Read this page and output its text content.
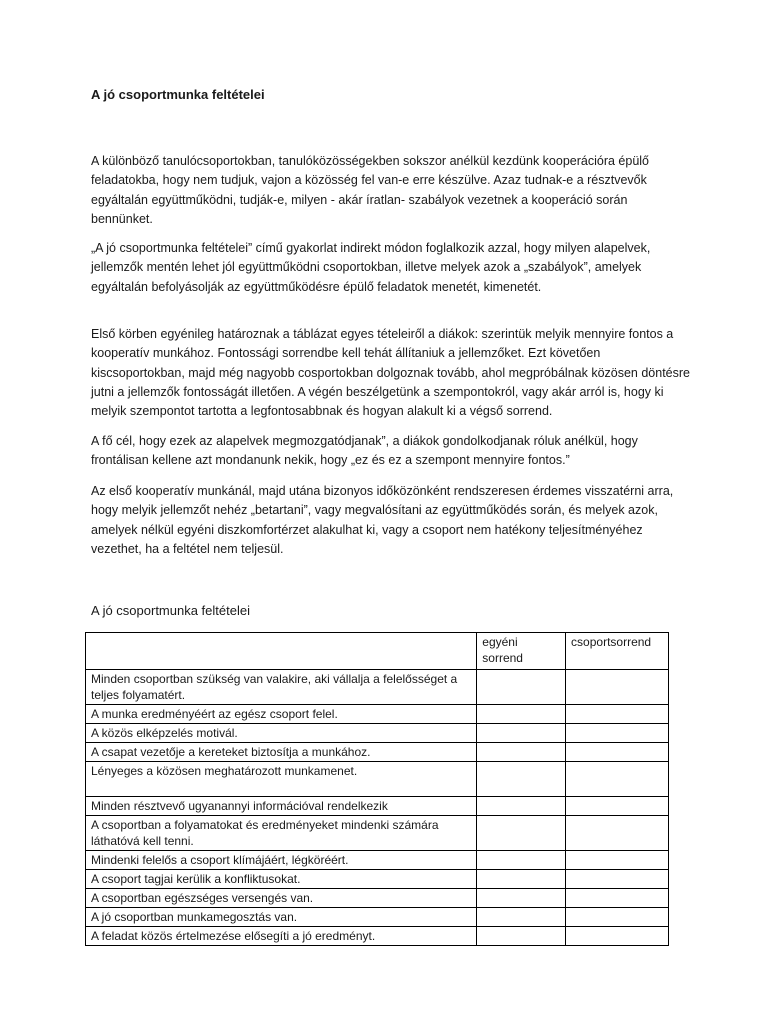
A jó csoportmunka feltételei

A különböző tanulócsoportokban, tanulóközösségekben sokszor anélkül kezdünk kooperációra épülő feladatokba, hogy nem tudjuk, vajon a közösség fel van-e erre készülve. Azaz tudnak-e a résztvevők egyáltalán együttműködni, tudják-e, milyen - akár íratlan- szabályok vezetnek a kooperáció során bennünket.

„A jó csoportmunka feltételei” című gyakorlat indirekt módon foglalkozik azzal, hogy milyen alapelvek, jellemzők mentén lehet jól együttműködni csoportokban, illetve melyek azok a „szabályok”, amelyek egyáltalán befolyásolják az együttműködésre épülő feladatok menetét, kimenetét.

Első körben egyénileg határoznak a táblázat egyes tételeiről a diákok: szerintük melyik mennyire fontos a kooperatív munkához. Fontossági sorrendbe kell tehát állítaniuk a jellemzőket. Ezt követően kiscsoportokban, majd még nagyobb cosportokban dolgoznak tovább, ahol megpróbálnak közösen döntésre jutni a jellemzők fontosságát illetően. A végén beszélgetünk a szempontokról, vagy akár arról is, hogy ki melyik szempontot tartotta a legfontosabbnak és hogyan alakult ki a végső sorrend.

A fő cél, hogy ezek az alapelvek megmozgatódjanak”, a diákok gondolkodjanak róluk anélkül, hogy frontálisan kellene azt mondanunk nekik, hogy „ez és ez a szempont mennyire fontos.”

Az első kooperatív munkánál, majd utána bizonyos időközönként rendszeresen érdemes visszatérni arra, hogy melyik jellemzőt nehéz „betartani”, vagy megvalósítani az együttműködés során, és melyek azok, amelyek nélkül egyéni diszkomfortérzet alakulhat ki, vagy a csoport nem hatékony teljesítményéhez vezethet, ha a feltétel nem teljesül.

A jó csoportmunka feltételei
	egyéni sorrend	csoportsorrend
Minden csoportban szükség van valakire, aki vállalja a felelősséget a teljes folyamatért.		
A munka eredményéért az egész csoport felel.		
A közös elképzelés motivál.		
A csapat vezetője a kereteket biztosítja a munkához.		
Lényeges a közösen meghatározott munkamenet.		
Minden résztvevő ugyanannyi információval rendelkezik		
A csoportban a folyamatokat és eredményeket mindenki számára láthatóvá kell tenni.		
Mindenki felelős a csoport klímájáért, légköréért.		
A csoport tagjai kerülik a konfliktusokat.		
A csoportban egészséges versengés van.		
A jó csoportban munkamegosztás van.		
A feladat közös értelmezése elősegíti a jó eredményt.		
